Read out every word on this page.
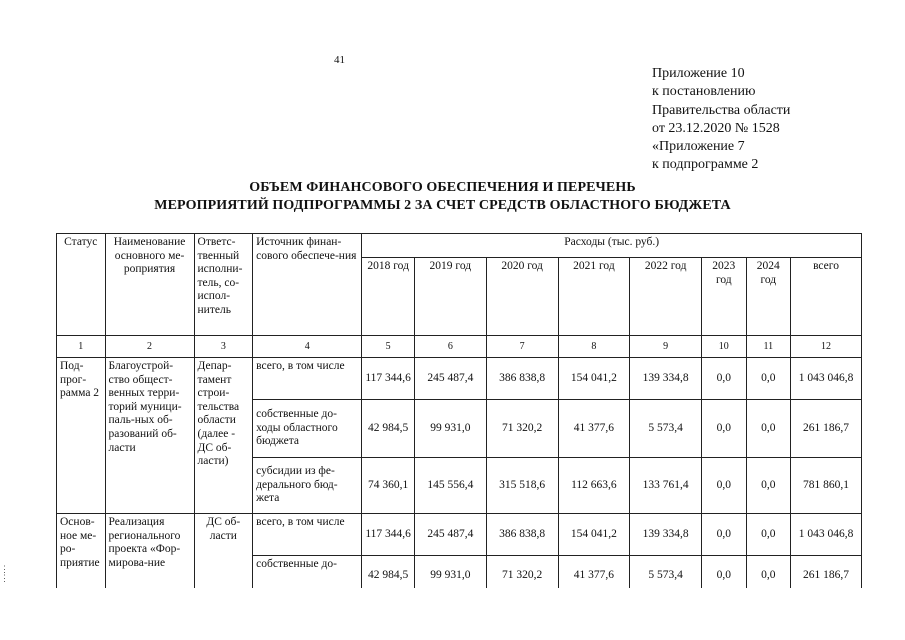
41
Приложение 10
к постановлению
Правительства области
от 23.12.2020 № 1528
«Приложение 7
к подпрограмме 2
ОБЪЕМ ФИНАНСОВОГО ОБЕСПЕЧЕНИЯ И ПЕРЕЧЕНЬ
МЕРОПРИЯТИЙ ПОДПРОГРАММЫ 2 ЗА СЧЕТ СРЕДСТВ ОБЛАСТНОГО БЮДЖЕТА
Статус	Наименование основного ме-роприятия	Ответс-твенный исполни-тель, со-испол-нитель	Источник финан-сового обеспече-ния	Расходы (тыс. руб.)							
				2018 год	2019 год	2020 год	2021 год	2022 год	2023 год	2024 год	всего
1	2	3	4	5	6	7	8	9	10	11	12
Под-прог-рамма 2	Благоустрой-ство общест-венных терри-торий муници-паль-ных об-разований об-ласти	Депар-тамент строи-тельства области (далее - ДС об-ласти)	всего, в том числе	117 344,6	245 487,4	386 838,8	154 041,2	139 334,8	0,0	0,0	1 043 046,8
			собственные до-ходы областного бюджета	42 984,5	99 931,0	71 320,2	41 377,6	5 573,4	0,0	0,0	261 186,7
			субсидии из фе-дерального бюд-жета	74 360,1	145 556,4	315 518,6	112 663,6	133 761,4	0,0	0,0	781 860,1
Основ-ное ме-ро-приятие	Реализация регионального проекта «Фор-мирова-ние	ДС об-ласти	всего, в том числе	117 344,6	245 487,4	386 838,8	154 041,2	139 334,8	0,0	0,0	1 043 046,8
			собственные до-	42 984,5	99 931,0	71 320,2	41 377,6	5 573,4	0,0	0,0	261 186,7
⋮
⋮
